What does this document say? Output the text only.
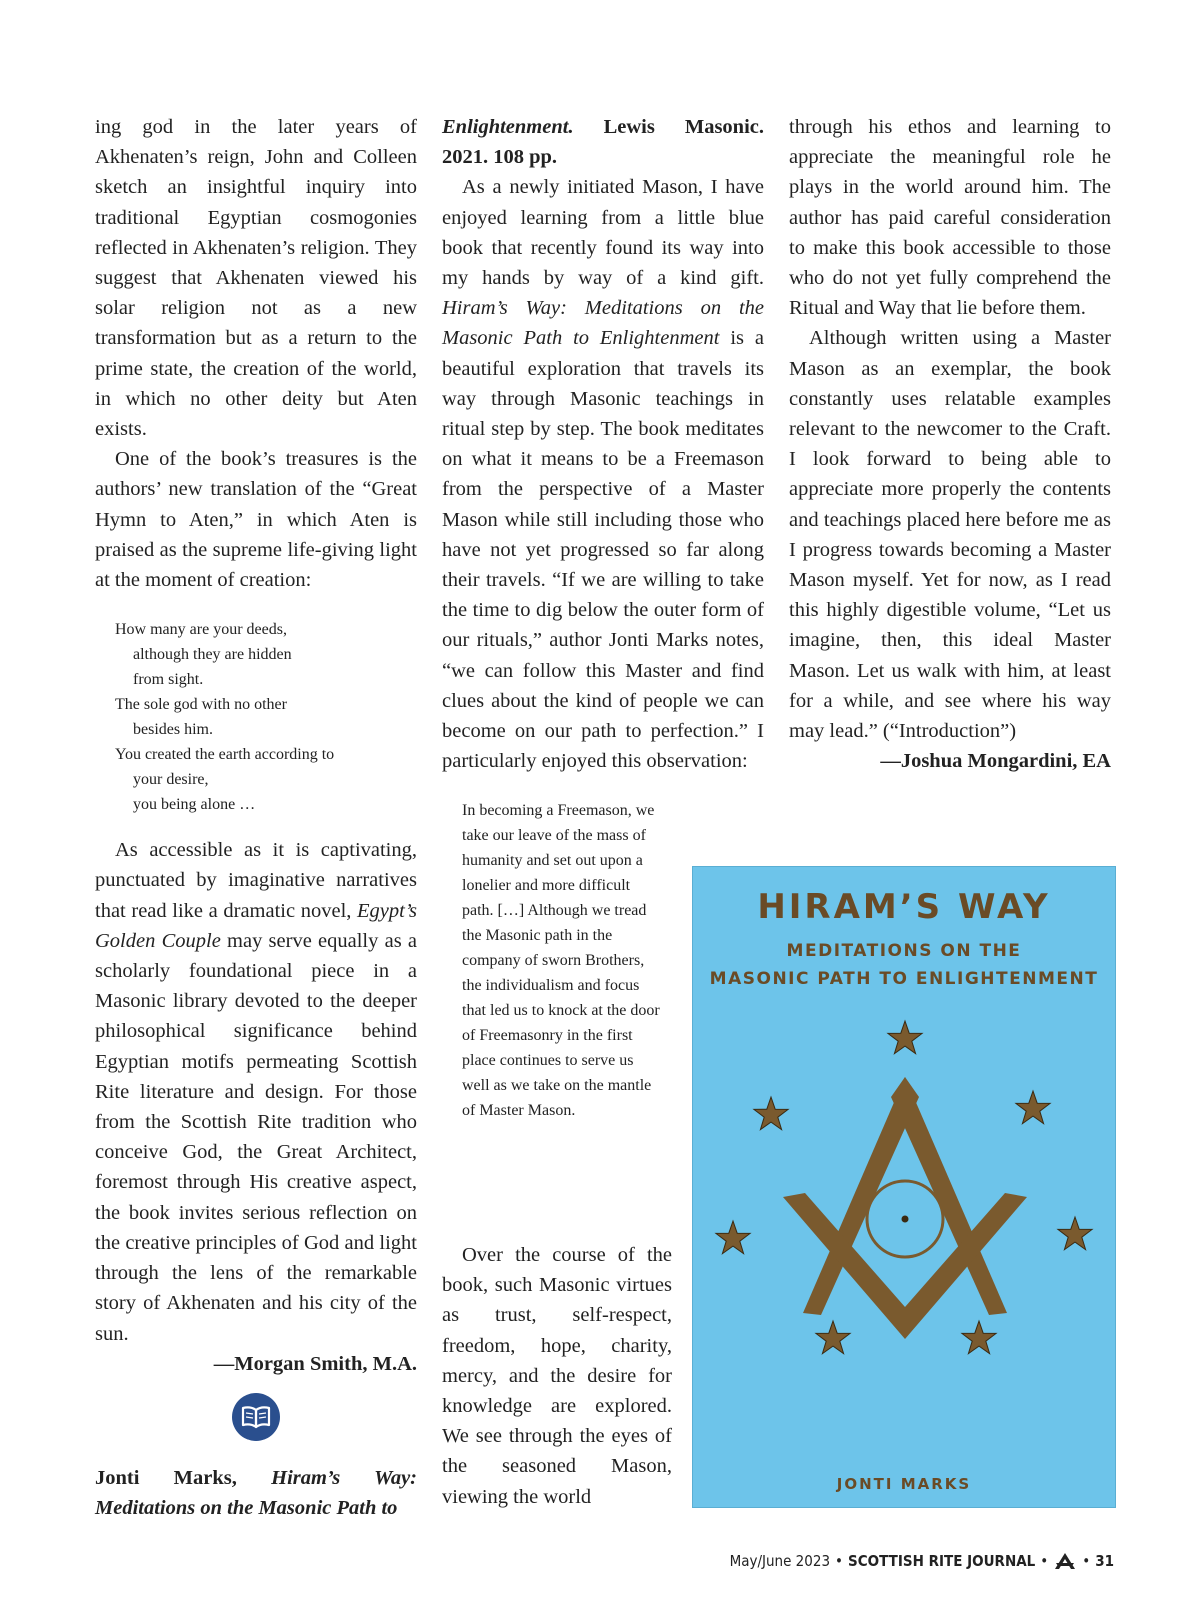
ing god in the later years of Akhenaten’s reign, John and Colleen sketch an insightful inquiry into traditional Egyptian cosmogonies reflected in Akhenaten’s religion. They suggest that Akhenaten viewed his solar religion not as a new transformation but as a return to the prime state, the creation of the world, in which no other deity but Aten exists.

One of the book’s treasures is the authors’ new translation of the “Great Hymn to Aten,” in which Aten is praised as the supreme life-giving light at the moment of creation:

How many are your deeds,
although they are hidden
from sight.
The sole god with no other
besides him.
You created the earth according to
your desire,
you being alone …

As accessible as it is captivating, punctuated by imaginative narratives that read like a dramatic novel, Egypt’s Golden Couple may serve equally as a scholarly foundational piece in a Masonic library devoted to the deeper philosophical significance behind Egyptian motifs permeating Scottish Rite literature and design. For those from the Scottish Rite tradition who conceive God, the Great Architect, foremost through His creative aspect, the book invites serious reflection on the creative principles of God and light through the lens of the remarkable story of Akhenaten and his city of the sun.

—Morgan Smith, M.A.

Jonti Marks, Hiram’s Way: Meditations on the Masonic Path to

Enlightenment. Lewis Masonic. 2021. 108 pp.

As a newly initiated Mason, I have enjoyed learning from a little blue book that recently found its way into my hands by way of a kind gift. Hiram’s Way: Meditations on the Masonic Path to Enlightenment is a beautiful exploration that travels its way through Masonic teachings in ritual step by step. The book meditates on what it means to be a Freemason from the perspective of a Master Mason while still including those who have not yet progressed so far along their travels. “If we are willing to take the time to dig below the outer form of our rituals,” author Jonti Marks notes, “we can follow this Master and find clues about the kind of people we can become on our path to perfection.” I particularly enjoyed this observation:

In becoming a Freemason, we take our leave of the mass of humanity and set out upon a lonelier and more difficult path. […] Although we tread the Masonic path in the company of sworn Brothers, the individualism and focus that led us to knock at the door of Freemasonry in the first place continues to serve us well as we take on the mantle of Master Mason.

Over the course of the book, such Masonic virtues as trust, self-respect, freedom, hope, charity, mercy, and the desire for knowledge are explored. We see through the eyes of the seasoned Mason, viewing the world

through his ethos and learning to appreciate the meaningful role he plays in the world around him. The author has paid careful consideration to make this book accessible to those who do not yet fully comprehend the Ritual and Way that lie before them.

Although written using a Master Mason as an exemplar, the book constantly uses relatable examples relevant to the newcomer to the Craft. I look forward to being able to appreciate more properly the contents and teachings placed here before me as I progress towards becoming a Master Mason myself. Yet for now, as I read this highly digestible volume, “Let us imagine, then, this ideal Master Mason. Let us walk with him, at least for a while, and see where his way may lead.” (“Introduction”)

—Joshua Mongardini, EA

HIRAM’S WAY
MEDITATIONS ON THE
MASONIC PATH TO ENLIGHTENMENT
JONTI MARKS
May/June 2023 • SCOTTISH RITE JOURNAL • • 31
